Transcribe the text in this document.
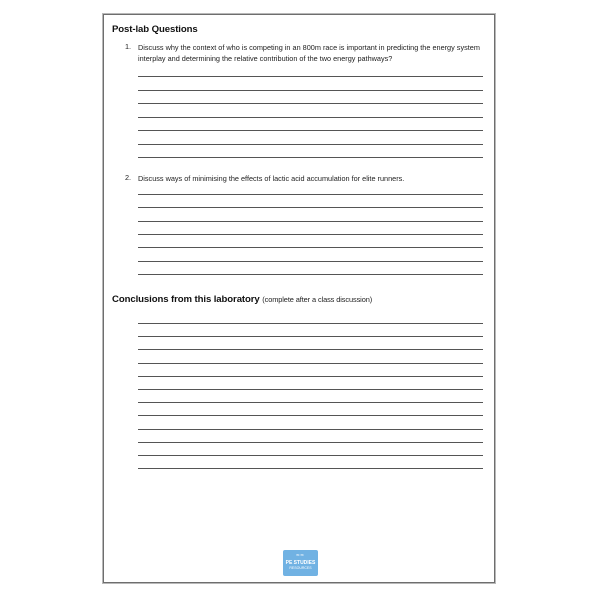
Post-lab Questions
1. Discuss why the context of who is competing in an 800m race is important in predicting the energy system interplay and determining the relative contribution of the two energy pathways?
2. Discuss ways of minimising the effects of lactic acid accumulation for elite runners.
Conclusions from this laboratory (complete after a class discussion)
≈≈
PE STUDIES
RESOURCES
